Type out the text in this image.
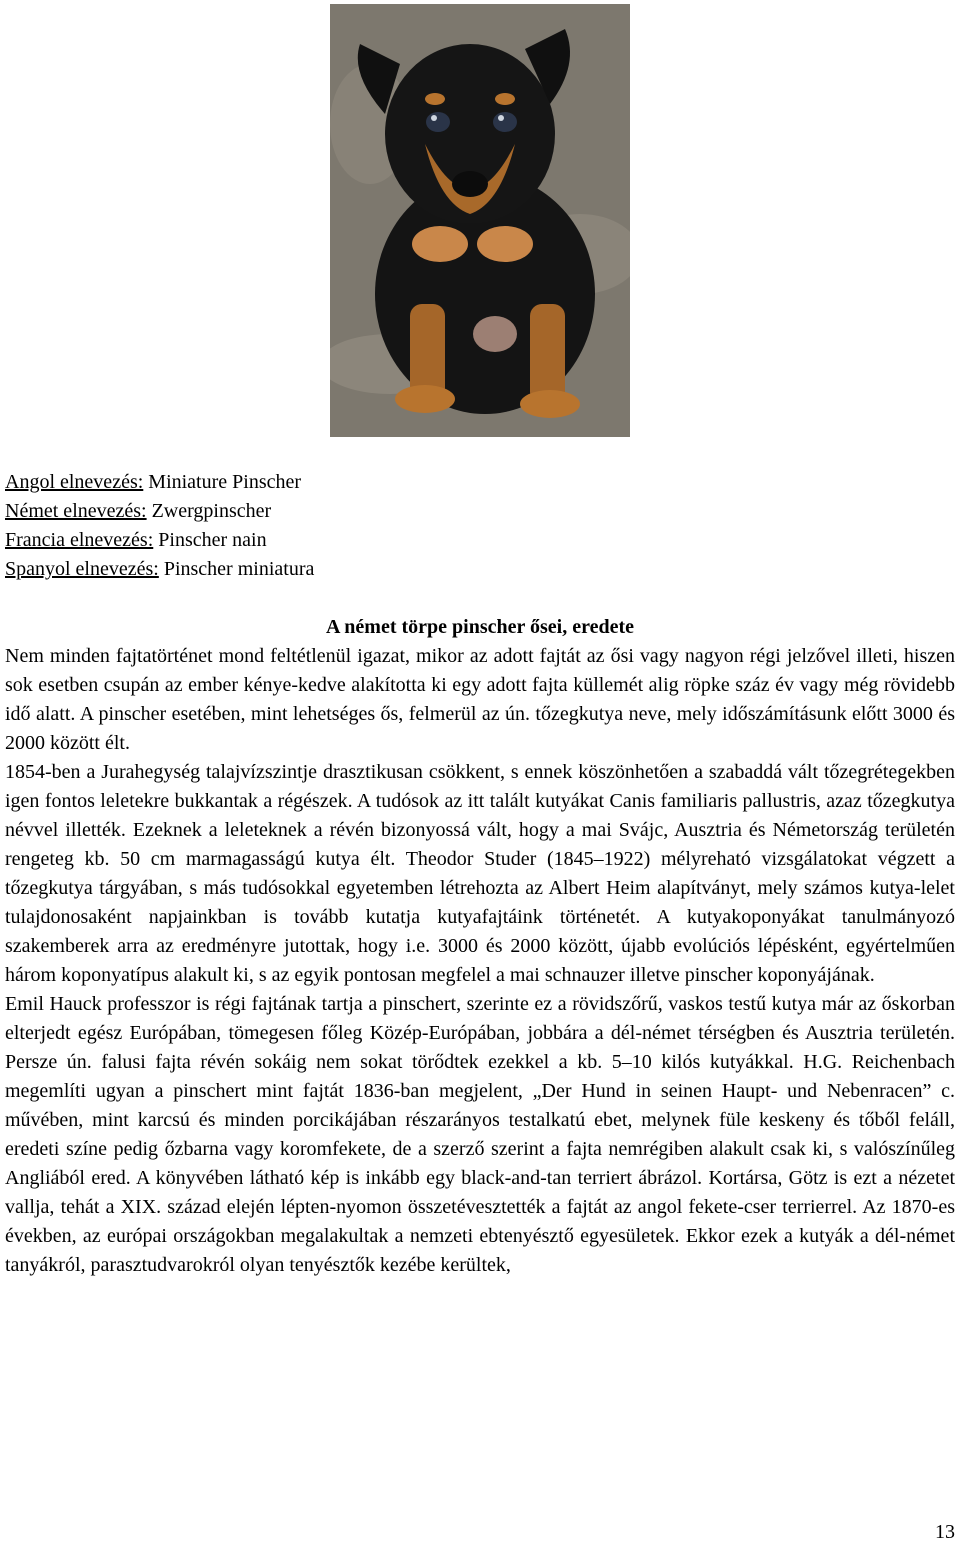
Angol elnevezés: Miniature Pinscher
Német elnevezés: Zwergpinscher
Francia elnevezés: Pinscher nain
Spanyol elnevezés: Pinscher miniatura
A német törpe pinscher ősei, eredete

Nem minden fajtatörténet mond feltétlenül igazat, mikor az adott fajtát az ősi vagy nagyon régi jelzővel illeti, hiszen sok esetben csupán az ember kénye-kedve alakította ki egy adott fajta küllemét alig röpke száz év vagy még rövidebb idő alatt. A pinscher esetében, mint lehetséges ős, felmerül az ún. tőzegkutya neve, mely időszámításunk előtt 3000 és 2000 között élt.

1854-ben a Jurahegység talajvízszintje drasztikusan csökkent, s ennek köszönhetően a szabaddá vált tőzegrétegekben igen fontos leletekre bukkantak a régészek. A tudósok az itt talált kutyákat Canis familiaris pallustris, azaz tőzegkutya névvel illették. Ezeknek a leleteknek a révén bizonyossá vált, hogy a mai Svájc, Ausztria és Németország területén rengeteg kb. 50 cm marmagasságú kutya élt. Theodor Studer (1845–1922) mélyreható vizsgálatokat végzett a tőzegkutya tárgyában, s más tudósokkal egyetemben létrehozta az Albert Heim alapítványt, mely számos kutya-lelet tulajdonosaként napjainkban is tovább kutatja kutyafajtáink történetét. A kutyakoponyákat tanulmányozó szakemberek arra az eredményre jutottak, hogy i.e. 3000 és 2000 között, újabb evolúciós lépésként, egyértelműen három koponyatípus alakult ki, s az egyik pontosan megfelel a mai schnauzer illetve pinscher koponyájának.

Emil Hauck professzor is régi fajtának tartja a pinschert, szerinte ez a rövidszőrű, vaskos testű kutya már az őskorban elterjedt egész Európában, tömegesen főleg Közép-Európában, jobbára a dél-német térségben és Ausztria területén. Persze ún. falusi fajta révén sokáig nem sokat törődtek ezekkel a kb. 5–10 kilós kutyákkal. H.G. Reichenbach megemlíti ugyan a pinschert mint fajtát 1836-ban megjelent, „Der Hund in seinen Haupt- und Nebenracen” c. művében, mint karcsú és minden porcikájában részarányos testalkatú ebet, melynek füle keskeny és tőből feláll, eredeti színe pedig őzbarna vagy koromfekete, de a szerző szerint a fajta nemrégiben alakult csak ki, s valószínűleg Angliából ered. A könyvében látható kép is inkább egy black-and-tan terriert ábrázol. Kortársa, Götz is ezt a nézetet vallja, tehát a XIX. század elején lépten-nyomon összetévesztették a fajtát az angol fekete-cser terrierrel. Az 1870-es években, az európai országokban megalakultak a nemzeti ebtenyésztő egyesületek. Ekkor ezek a kutyák a dél-német tanyákról, parasztudvarokról olyan tenyésztők kezébe kerültek,

13
